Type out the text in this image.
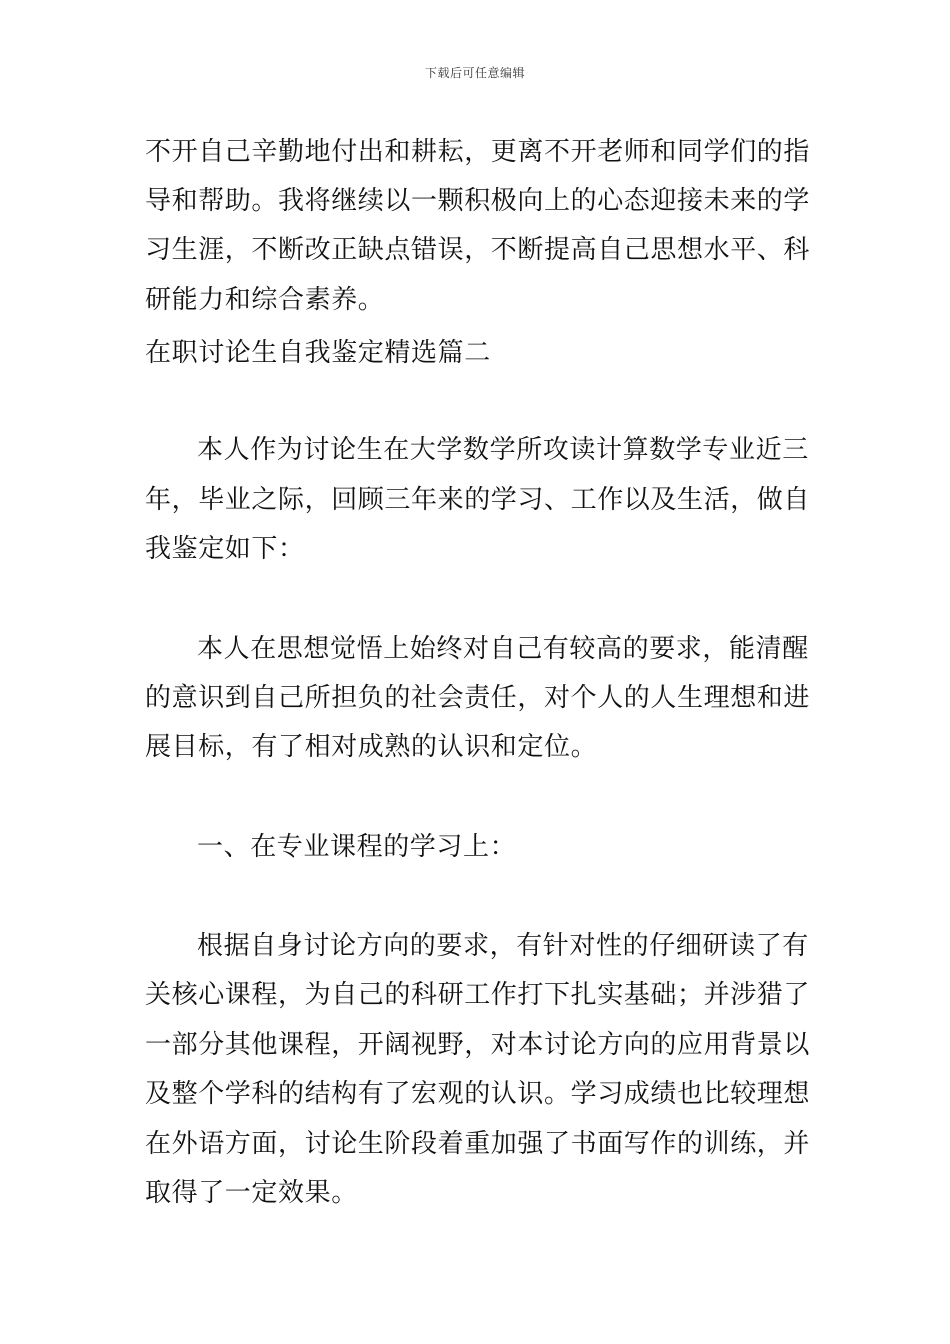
下载后可任意编辑
不开自己辛勤地付出和耕耘，更离不开老师和同学们的指
导和帮助。我将继续以一颗积极向上的心态迎接未来的学
习生涯，不断改正缺点错误，不断提高自己思想水平、科
研能力和综合素养。
在职讨论生自我鉴定精选篇二
本人作为讨论生在大学数学所攻读计算数学专业近三
年，毕业之际，回顾三年来的学习、工作以及生活，做自
我鉴定如下：
本人在思想觉悟上始终对自己有较高的要求，能清醒
的意识到自己所担负的社会责任，对个人的人生理想和进
展目标，有了相对成熟的认识和定位。
一、在专业课程的学习上：
根据自身讨论方向的要求，有针对性的仔细研读了有
关核心课程，为自己的科研工作打下扎实基础；并涉猎了
一部分其他课程，开阔视野，对本讨论方向的应用背景以
及整个学科的结构有了宏观的认识。学习成绩也比较理想
在外语方面，讨论生阶段着重加强了书面写作的训练，并
取得了一定效果。
